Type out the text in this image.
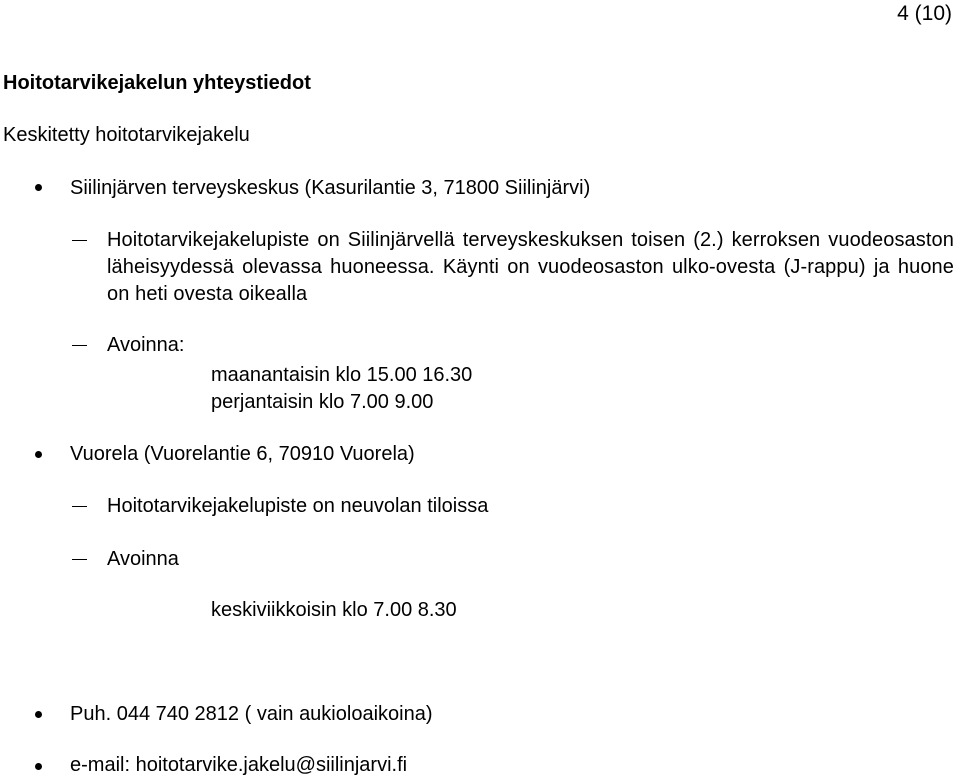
4 (10)
Hoitotarvikejakelun yhteystiedot
Keskitetty hoitotarvikejakelu
Siilinjärven terveyskeskus (Kasurilantie 3, 71800 Siilinjärvi)
Hoitotarvikejakelupiste on Siilinjärvellä terveyskeskuksen toisen (2.) kerroksen vuodeosaston läheisyydessä olevassa huoneessa. Käynti on vuodeosaston ulko-ovesta (J-rappu) ja huone on heti ovesta oikealla
Avoinna:
maanantaisin klo 15.00 16.30
perjantaisin klo 7.00 9.00
Vuorela (Vuorelantie 6, 70910 Vuorela)
Hoitotarvikejakelupiste on neuvolan tiloissa
Avoinna
keskiviikkoisin klo 7.00 8.30
Puh. 044 740 2812 ( vain aukioloaikoina)
e-mail: hoitotarvike.jakelu@siilinjarvi.fi
